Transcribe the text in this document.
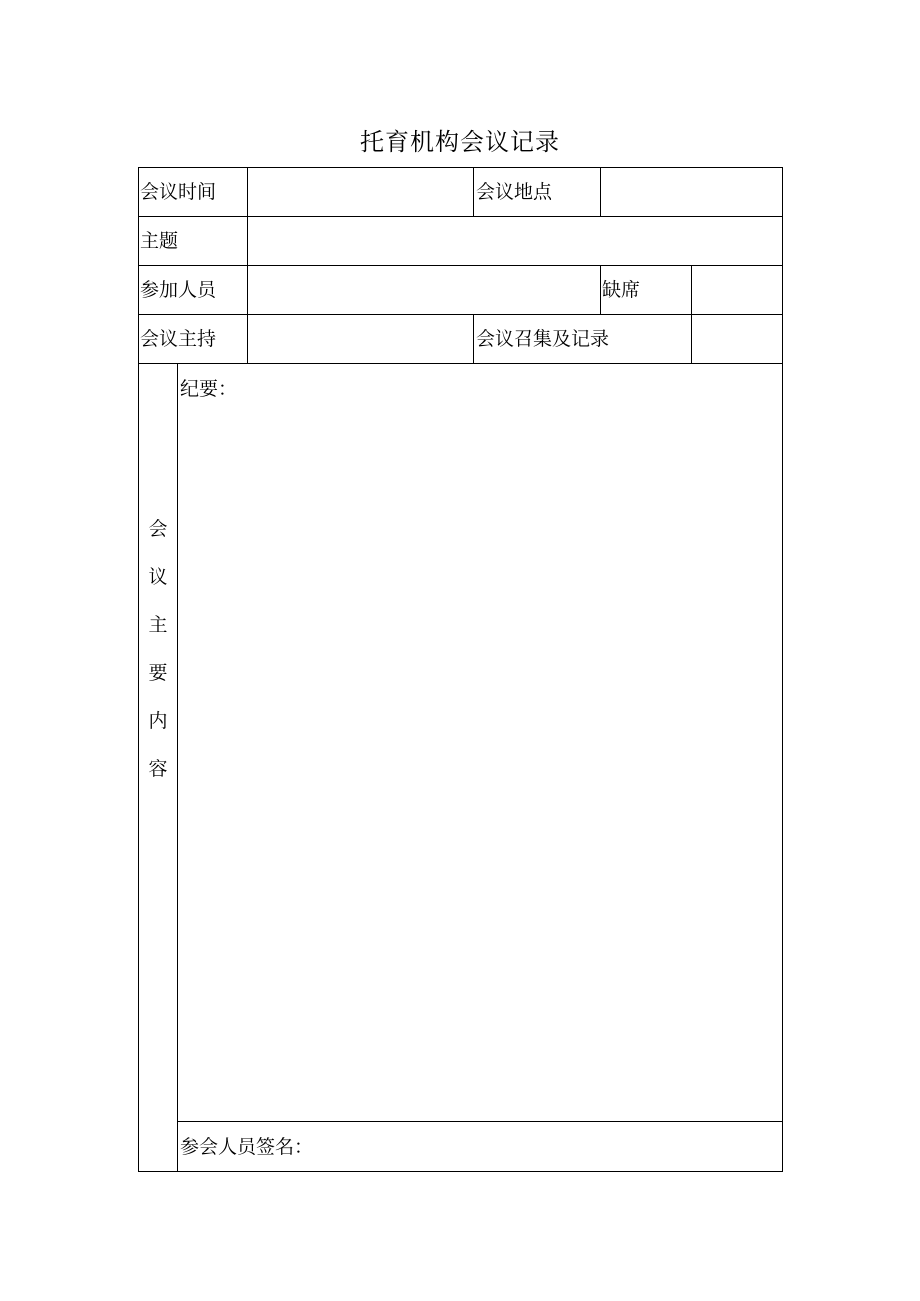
托育机构会议记录
会议时间	会议地点
主题
参加人员	缺席
会议主持	会议召集及记录
会
议
主
要
内
容
纪要：
参会人员签名：
